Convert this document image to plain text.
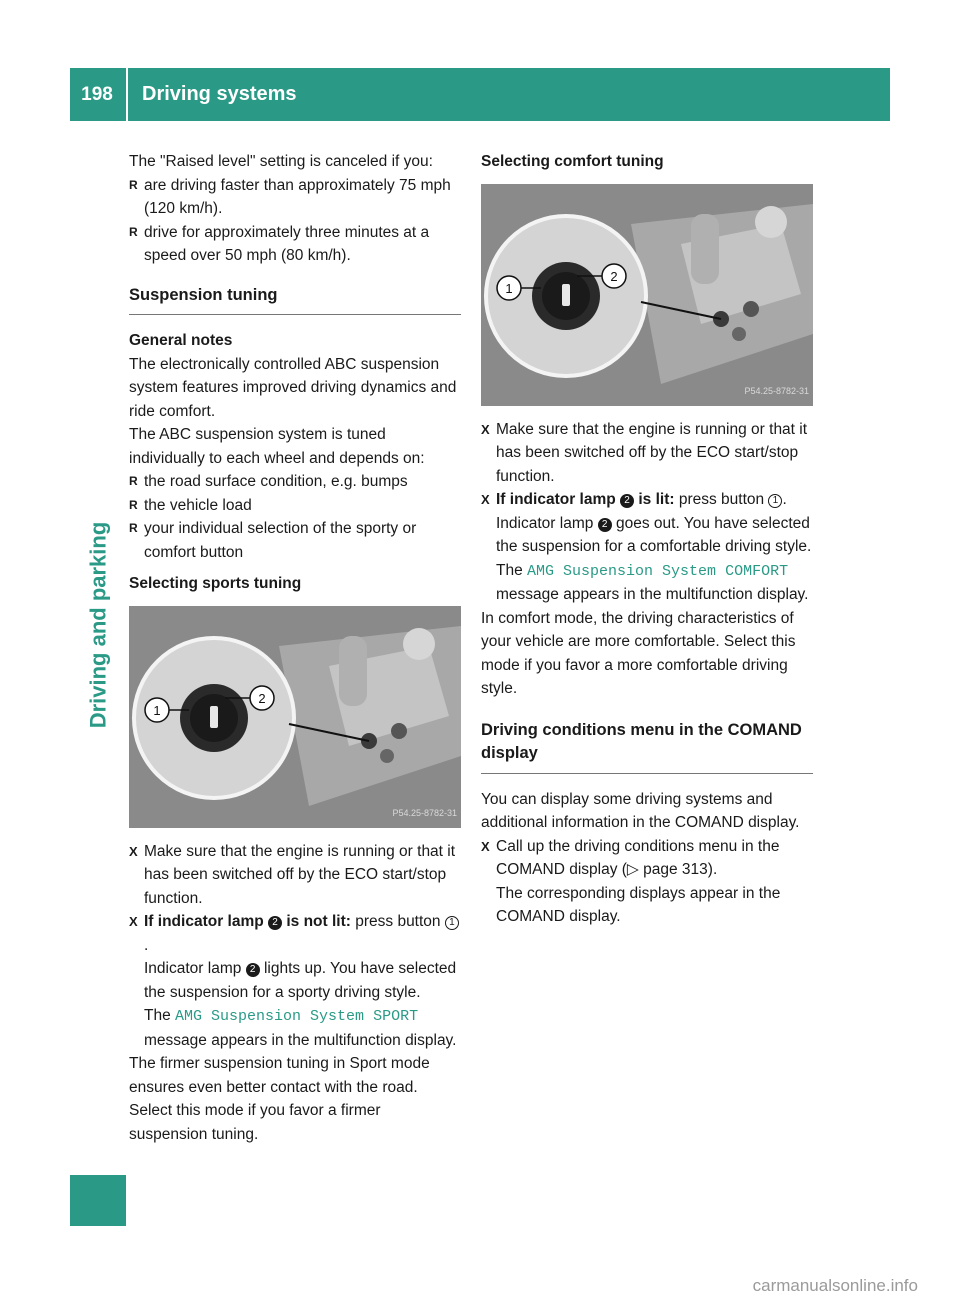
198	Driving systems
Driving and parking

The "Raised level" setting is canceled if you:

R are driving faster than approximately 75 mph (120 km/h).

R drive for approximately three minutes at a speed over 50 mph (80 km/h).

Suspension tuning

General notes

The electronically controlled ABC suspension system features improved driving dynamics and ride comfort.

The ABC suspension system is tuned individually to each wheel and depends on:

R the road surface condition, e.g. bumps

R the vehicle load

R your individual selection of the sporty or comfort button

Selecting sports tuning

1
2
P54.25-8782-31

X Make sure that the engine is running or that it has been switched off by the ECO start/stop function.

X If indicator lamp 2 is not lit: press button 1.

Indicator lamp 2 lights up. You have selected the suspension for a sporty driving style.

The AMG Suspension System SPORT message appears in the multifunction display.

The firmer suspension tuning in Sport mode ensures even better contact with the road. Select this mode if you favor a firmer suspension tuning.

Selecting comfort tuning

1
2
P54.25-8782-31

X Make sure that the engine is running or that it has been switched off by the ECO start/stop function.

X If indicator lamp 2 is lit: press button 1 .

Indicator lamp 2 goes out. You have selected the suspension for a comfortable driving style.

The AMG Suspension System COMFORT message appears in the multifunction display.

In comfort mode, the driving characteristics of your vehicle are more comfortable. Select this mode if you favor a more comfortable driving style.

Driving conditions menu in the COMAND display

You can display some driving systems and additional information in the COMAND display.

X Call up the driving conditions menu in the COMAND display (▷ page 313).

The corresponding displays appear in the COMAND display.

carmanualsonline.info
